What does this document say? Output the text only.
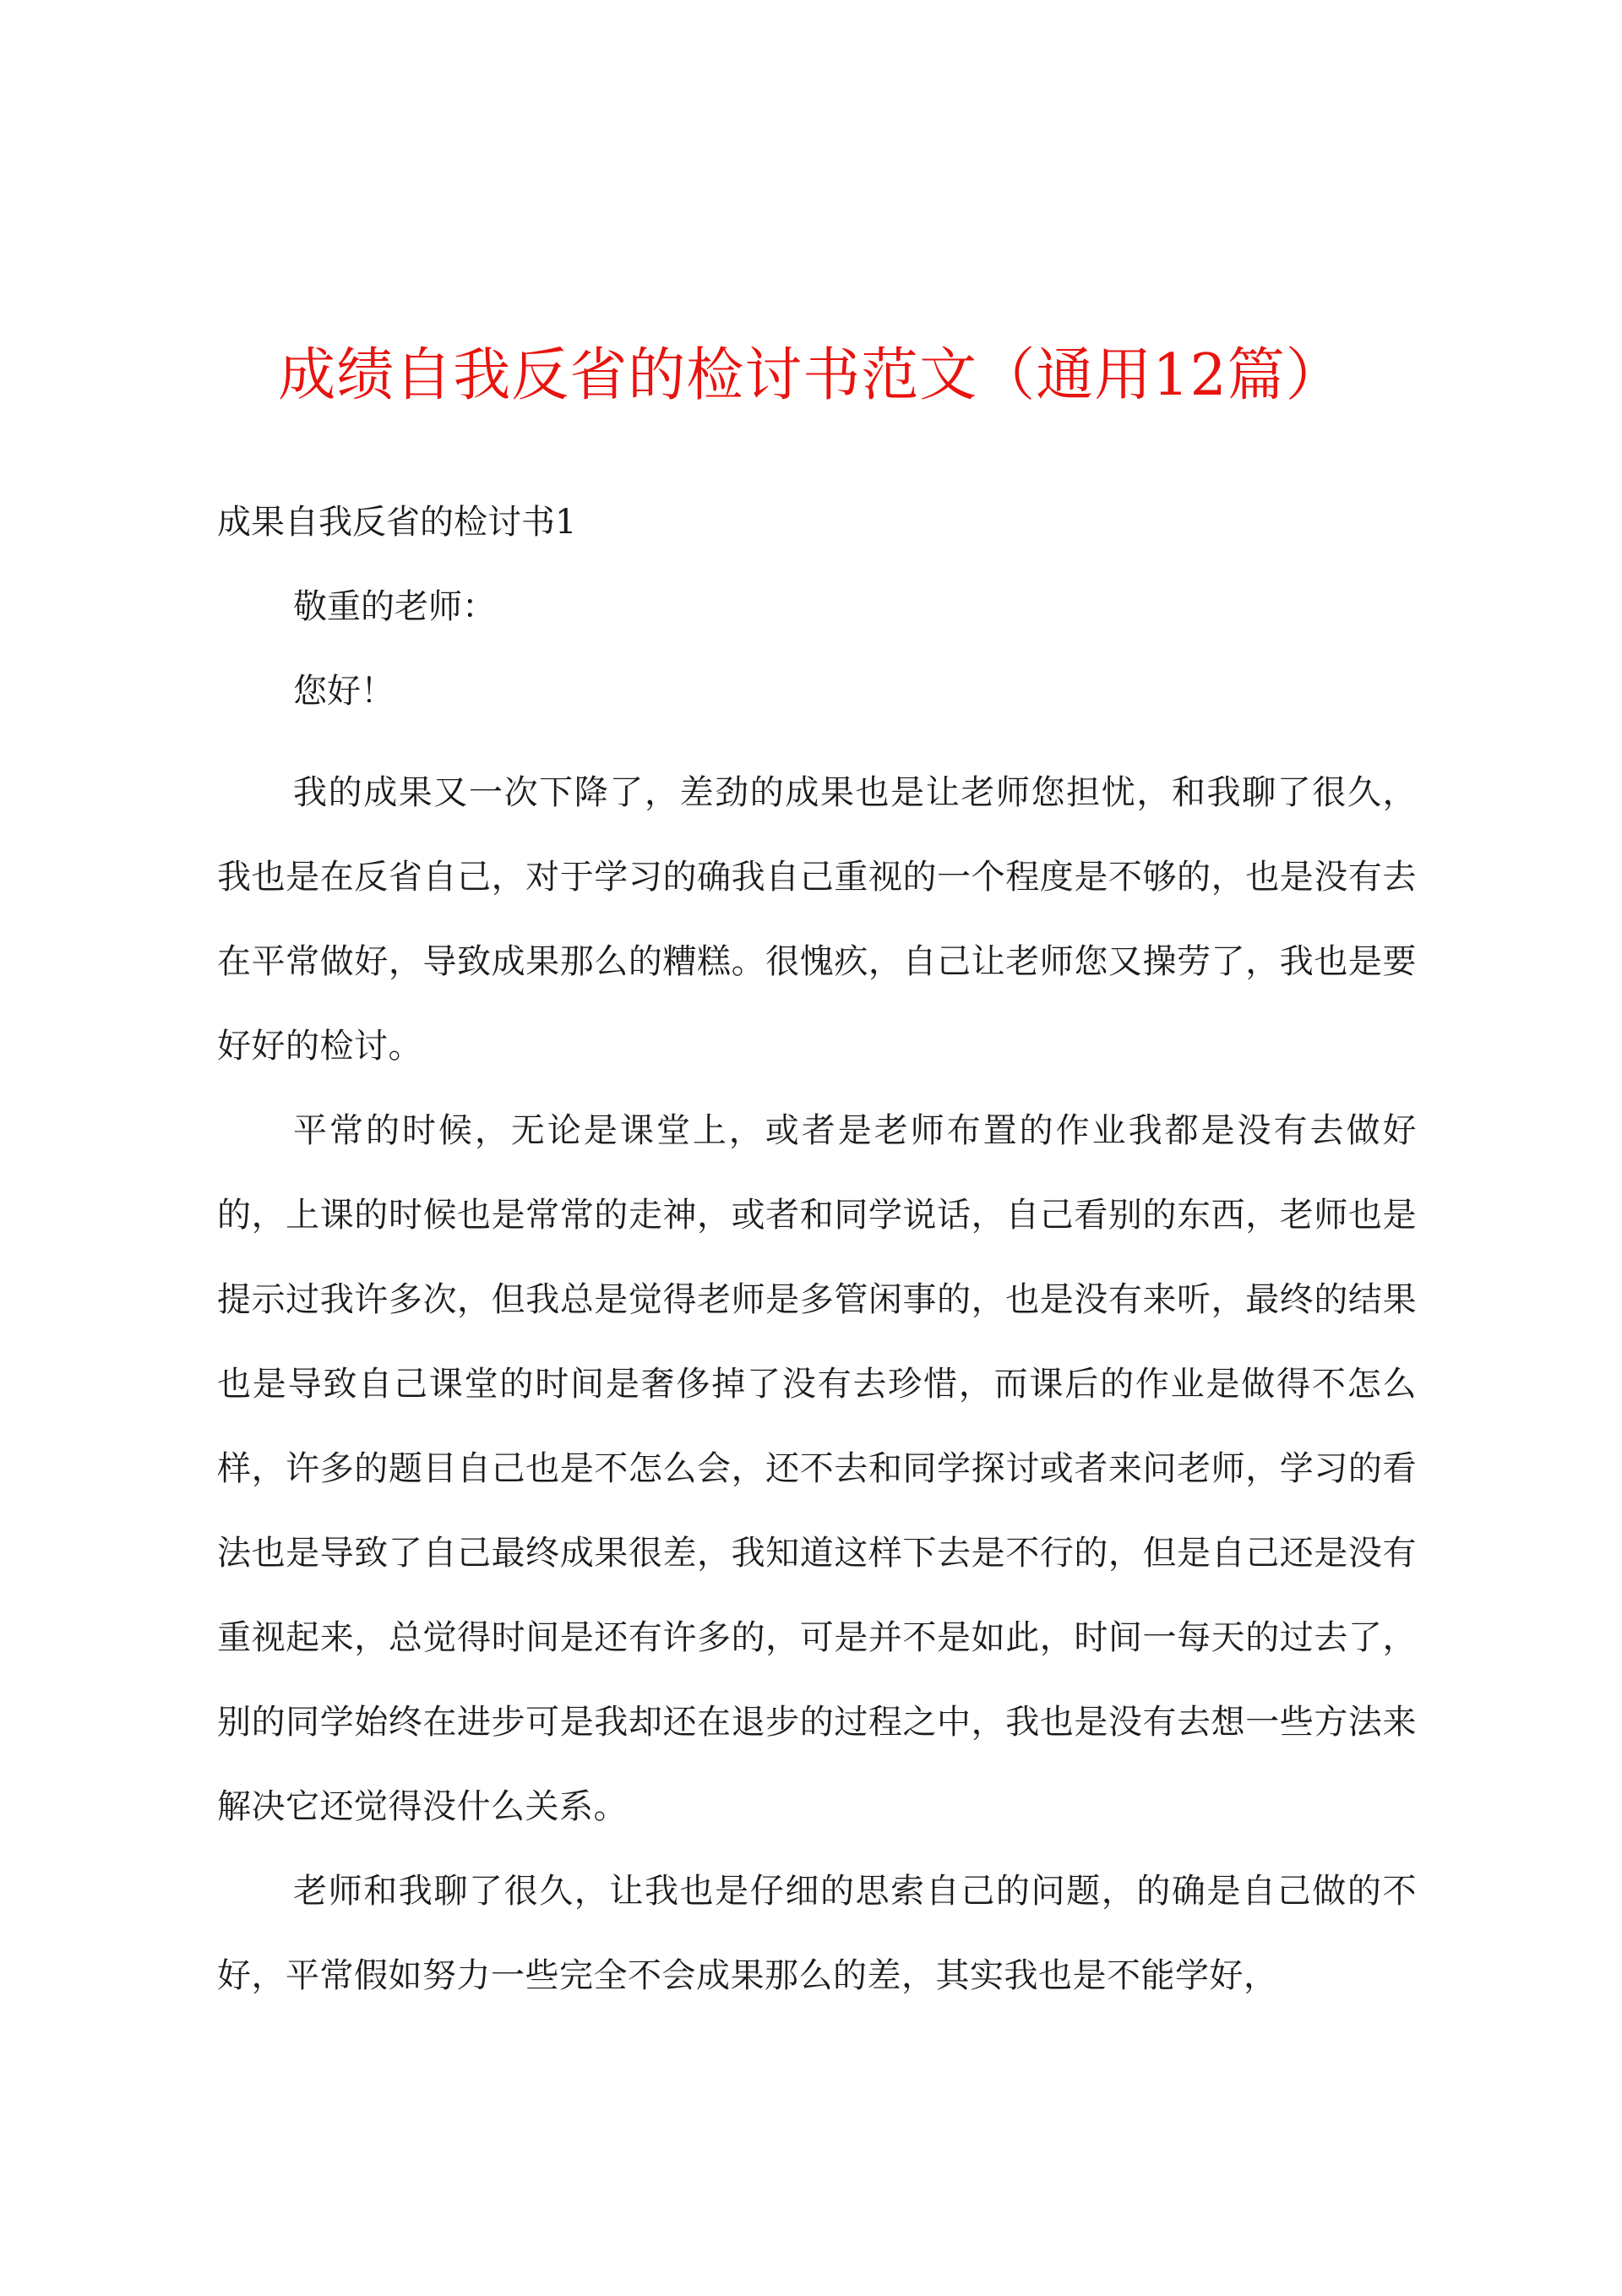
成绩自我反省的检讨书范文（通用12篇）
成果自我反省的检讨书1
敬重的老师：
您好！

我的成果又一次下降了，差劲的成果也是让老师您担忧，和我聊了很久，我也是在反省自己，对于学习的确我自己重视的一个程度是不够的，也是没有去在平常做好，导致成果那么的糟糕。很愧疚，自己让老师您又操劳了，我也是要好好的检讨。

平常的时候，无论是课堂上，或者是老师布置的作业我都是没有去做好的，上课的时候也是常常的走神，或者和同学说话，自己看别的东西，老师也是提示过我许多次，但我总是觉得老师是多管闲事的，也是没有来听，最终的结果也是导致自己课堂的时间是奢侈掉了没有去珍惜，而课后的作业是做得不怎么样，许多的题目自己也是不怎么会，还不去和同学探讨或者来问老师，学习的看法也是导致了自己最终成果很差，我知道这样下去是不行的，但是自己还是没有重视起来，总觉得时间是还有许多的，可是并不是如此，时间一每天的过去了，别的同学始终在进步可是我却还在退步的过程之中，我也是没有去想一些方法来解决它还觉得没什么关系。

老师和我聊了很久，让我也是仔细的思索自己的问题，的确是自己做的不好，平常假如努力一些完全不会成果那么的差，其实我也是不能学好，
